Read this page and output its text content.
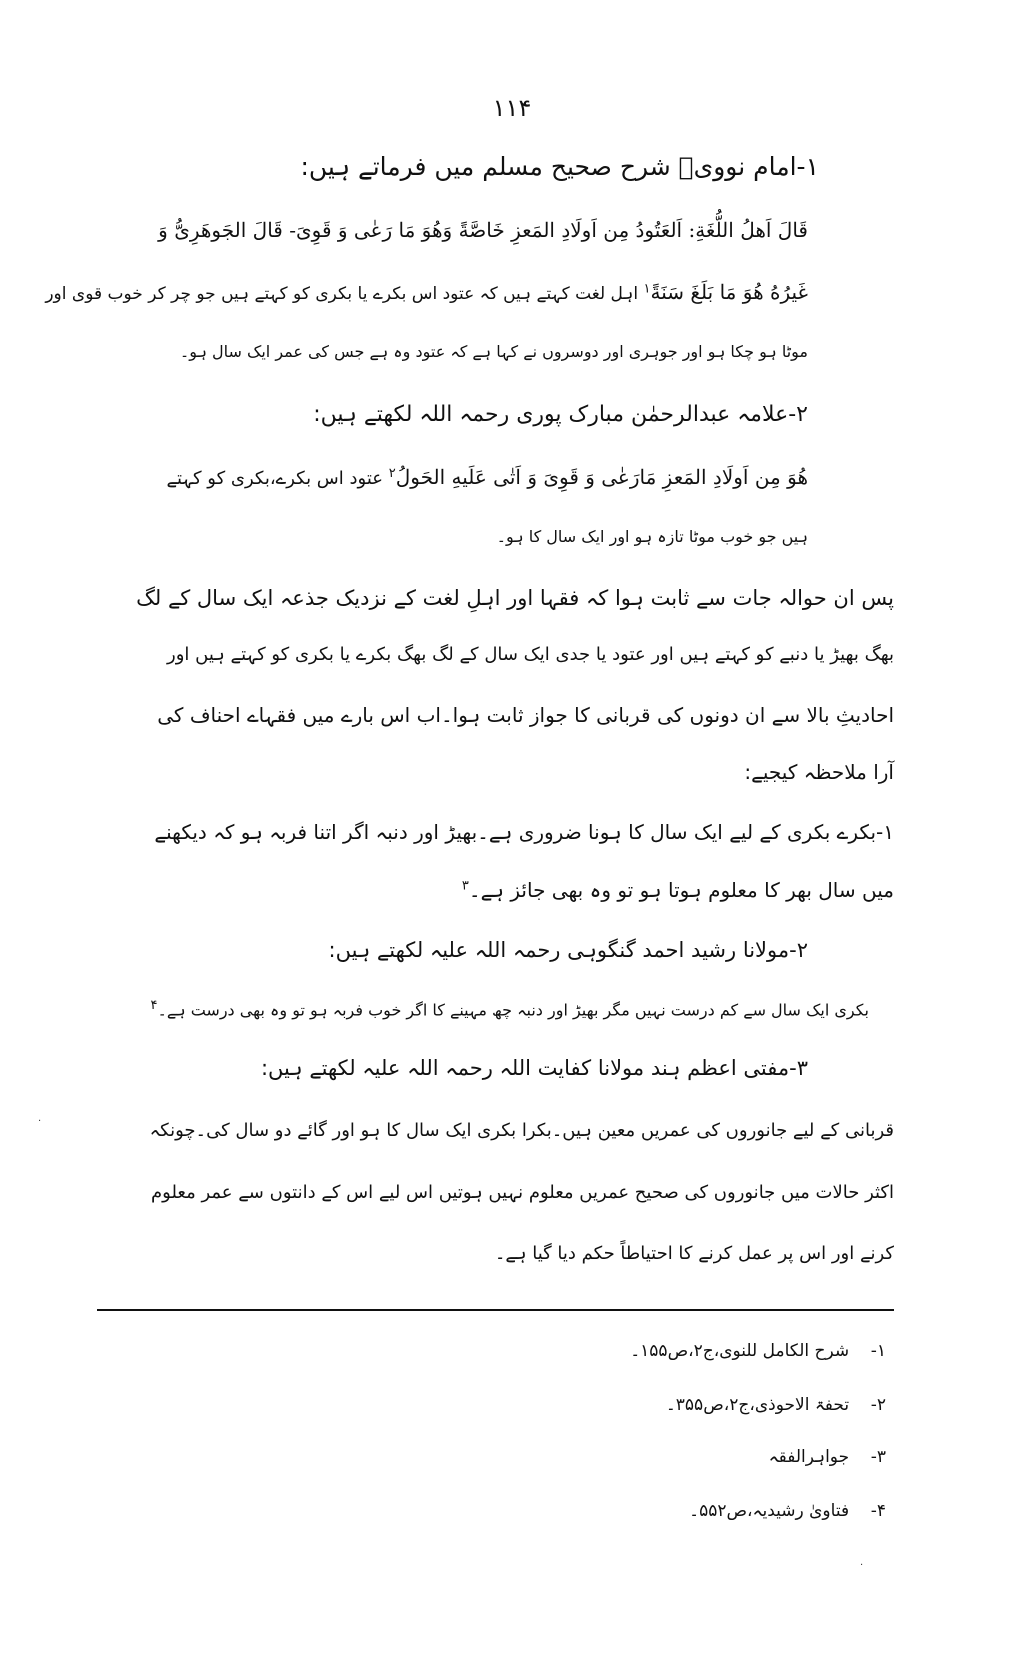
۱۱۴
۱-امام نوویؒ شرح صحیح مسلم میں فرماتے ہیں:
قَالَ اَهلُ اللُّغَةِ: اَلعَتُودُ مِن اَولَادِ المَعزِ خَاصَّةً وَهُوَ مَا رَعٰی وَ قَوِیَ- قَالَ الجَوهَرِیُّ وَ
غَیرُهُ هُوَ مَا بَلَغَ سَنَةً$^۱$ اہل لغت کہتے ہیں کہ عتود اس بکرے یا بکری کو کہتے ہیں جو چر کر خوب قوی اور
موٹا ہو چکا ہو اور جوہری اور دوسروں نے کہا ہے کہ عتود وہ ہے جس کی عمر ایک سال ہو۔
۲-علامہ عبدالرحمٰن مبارک پوری رحمہ اللہ لکھتے ہیں:
هُوَ مِن اَولَادِ المَعزِ مَارَعٰی وَ قَوِیَ وَ اَتٰی عَلَیهِ الحَولُ$^۲$ عتود اس بکرے،بکری کو کہتے
ہیں جو خوب موٹا تازہ ہو اور ایک سال کا ہو۔
پس ان حوالہ جات سے ثابت ہوا کہ فقہا اور اہلِ لغت کے نزدیک جذعہ ایک سال کے لگ
بھگ بھیڑ یا دنبے کو کہتے ہیں اور عتود یا جدی ایک سال کے لگ بھگ بکرے یا بکری کو کہتے ہیں اور
احادیثِ بالا سے ان دونوں کی قربانی کا جواز ثابت ہوا۔اب اس بارے میں فقہاے احناف کی
آرا ملاحظہ کیجیے:
۱-بکرے بکری کے لیے ایک سال کا ہونا ضروری ہے۔بھیڑ اور دنبہ اگر اتنا فربہ ہو کہ دیکھنے
میں سال بھر کا معلوم ہوتا ہو تو وہ بھی جائز ہے۔$^۳$
۲-مولانا رشید احمد گنگوہی رحمہ اللہ علیہ لکھتے ہیں:
بکری ایک سال سے کم درست نہیں مگر بھیڑ اور دنبہ چھ مہینے کا اگر خوب فربہ ہو تو وہ بھی درست ہے۔$^۴$
۳-مفتی اعظم ہند مولانا کفایت اللہ رحمہ اللہ علیہ لکھتے ہیں:
قربانی کے لیے جانوروں کی عمریں معین ہیں۔بکرا بکری ایک سال کا ہو اور گائے دو سال کی۔چونکہ
اکثر حالات میں جانوروں کی صحیح عمریں معلوم نہیں ہوتیں اس لیے اس کے دانتوں سے عمر معلوم
کرنے اور اس پر عمل کرنے کا احتیاطاً حکم دیا گیا ہے۔
۱-    شرح الکامل للنوی،ج۲،ص۱۵۵۔
۲-    تحفۃ الاحوذی،ج۲،ص۳۵۵۔
۳-    جواہرالفقہ
۴-    فتاویٰ رشیدیہ،ص۵۵۲۔
·
·
